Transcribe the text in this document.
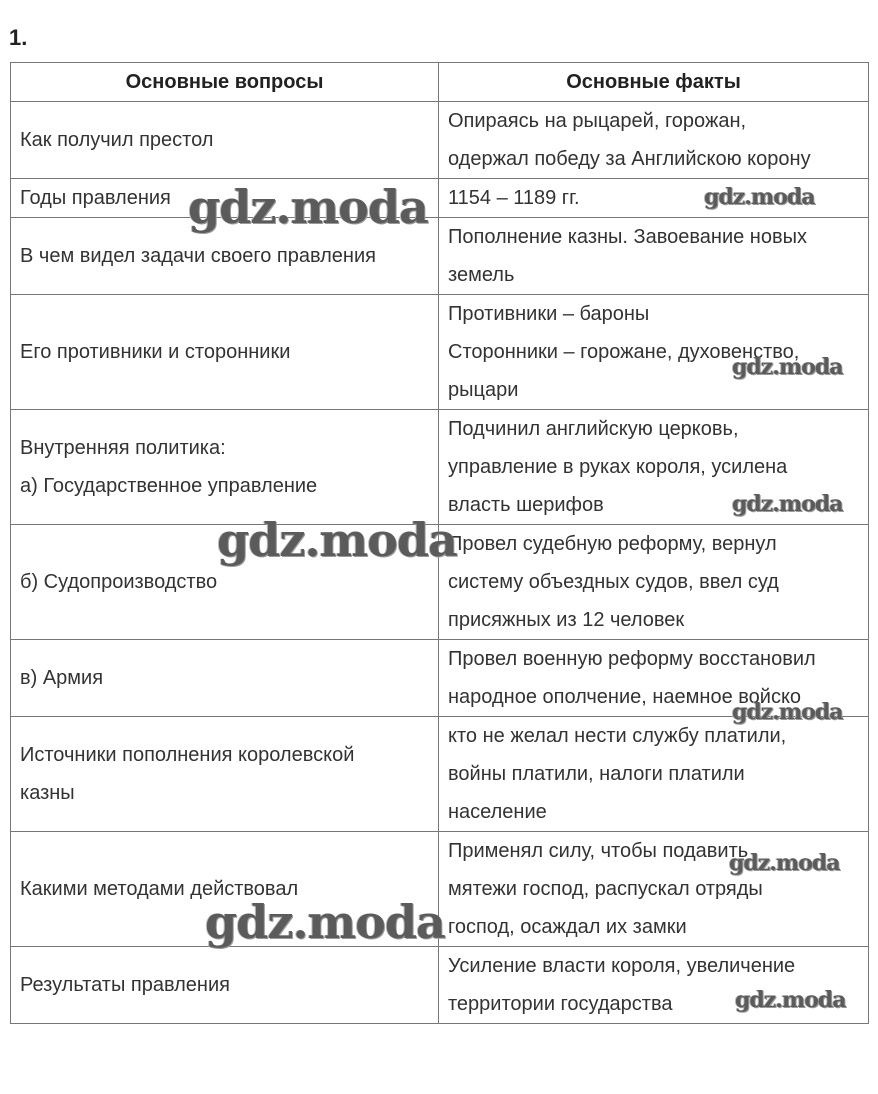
1.
Основные вопросы	Основные факты

Как получил престол	Опираясь на рыцарей, горожан,
одержал победу за Английскою корону

Годы правления	1154 – 1189 гг.

В чем видел задачи своего правления	Пополнение казны. Завоевание новых
земель

Его противники и сторонники	Противники – бароны
Сторонники – горожане, духовенство,
рыцари

Внутренняя политика:
а) Государственное управление	Подчинил английскую церковь,
управление в руках короля, усилена
власть шерифов

б) Судопроизводство	Провел судебную реформу, вернул
систему объездных судов, ввел суд
присяжных из 12 человек

в) Армия	Провел военную реформу восстановил
народное ополчение, наемное войско

Источники пополнения королевской
казны	кто не желал нести службу платили,
войны платили, налоги платили
население

Какими методами действовал	Применял силу, чтобы подавить
мятежи господ, распускал отряды
господ, осаждал их замки

Результаты правления	Усиление власти короля, увеличение
территории государства
gdz.moda	gdz.moda
gdz.moda
gdz.moda
gdz.moda
gdz.moda
gdz.moda
gdz.moda
gdz.moda
